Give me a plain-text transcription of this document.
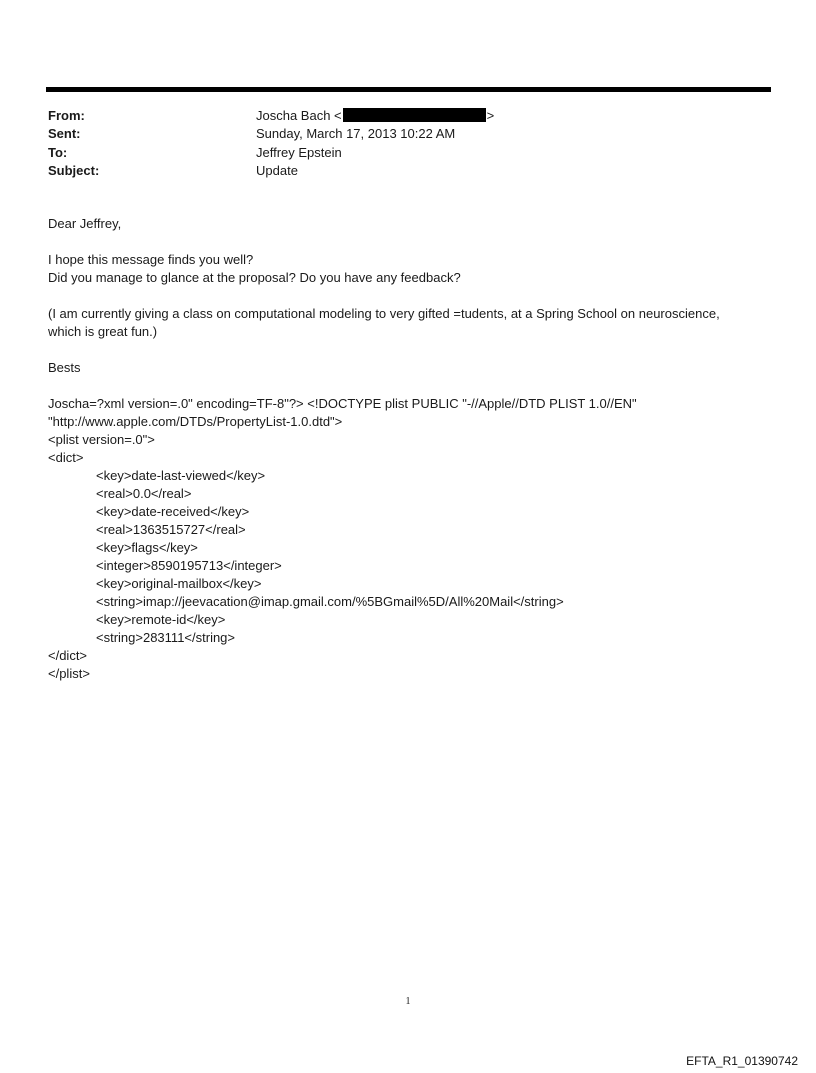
From:	Joscha Bach <	>
Sent:	Sunday, March 17, 2013 10:22 AM
To:	Jeffrey Epstein
Subject:	Update

Dear Jeffrey,

I hope this message finds you well?

Did you manage to glance at the proposal? Do you have any feedback?

(I am currently giving a class on computational modeling to very gifted =tudents, at a Spring School on neuroscience,

which is great fun.)

Bests

Joscha=?xml version=.0" encoding=TF-8"?> <!DOCTYPE plist PUBLIC "-//Apple//DTD PLIST 1.0//EN"

"http://www.apple.com/DTDs/PropertyList-1.0.dtd">

<plist version=.0">

<dict>

<key>date-last-viewed</key>

<real>0.0</real>

<key>date-received</key>

<real>1363515727</real>

<key>flags</key>

<integer>8590195713</integer>

<key>original-mailbox</key>

<string>imap://jeevacation@imap.gmail.com/%5BGmail%5D/All%20Mail</string>

<key>remote-id</key>

<string>283111</string>

</dict>

</plist>

1
EFTA_R1_01390742
